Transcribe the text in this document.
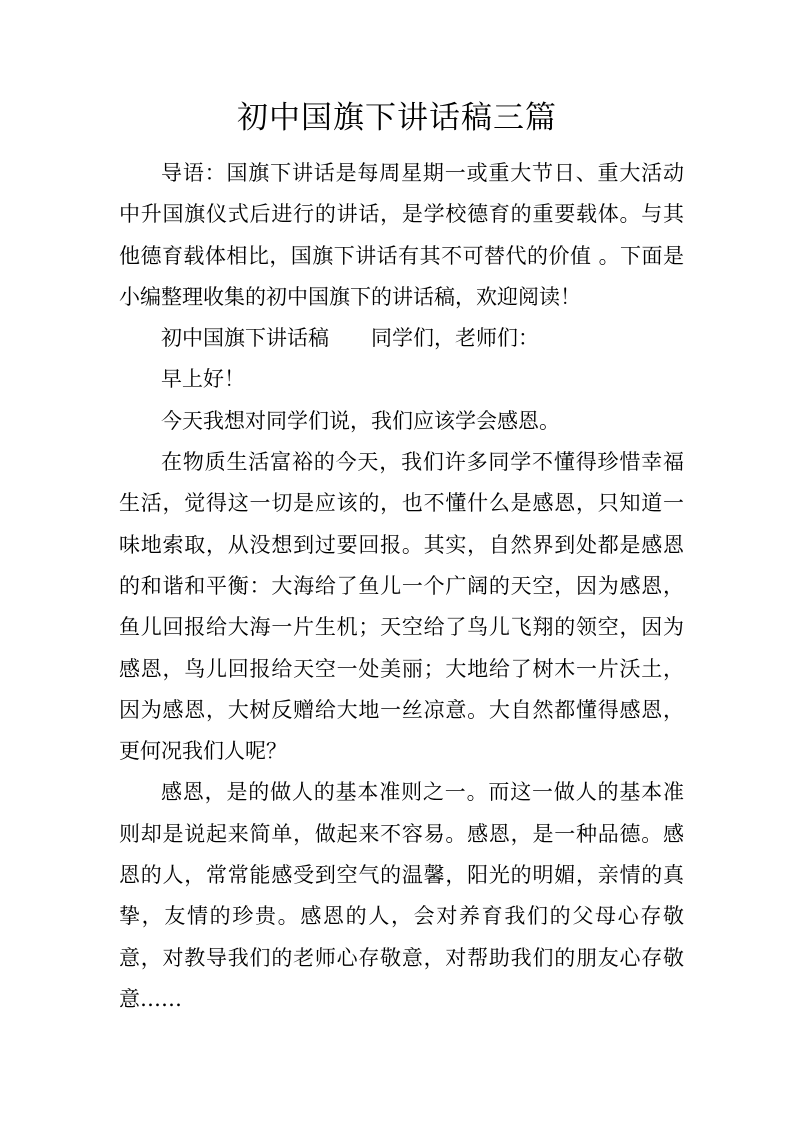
初中国旗下讲话稿三篇

导语：国旗下讲话是每周星期一或重大节日、重大活动中升国旗仪式后进行的讲话，是学校德育的重要载体。与其他德育载体相比，国旗下讲话有其不可替代的价值 。下面是小编整理收集的初中国旗下的讲话稿，欢迎阅读！

初中国旗下讲话稿　　同学们，老师们：

早上好！

今天我想对同学们说，我们应该学会感恩。

在物质生活富裕的今天，我们许多同学不懂得珍惜幸福生活，觉得这一切是应该的，也不懂什么是感恩，只知道一味地索取，从没想到过要回报。其实，自然界到处都是感恩的和谐和平衡：大海给了鱼儿一个广阔的天空，因为感恩，鱼儿回报给大海一片生机；天空给了鸟儿飞翔的领空，因为感恩，鸟儿回报给天空一处美丽；大地给了树木一片沃土，因为感恩，大树反赠给大地一丝凉意。大自然都懂得感恩，更何况我们人呢？

感恩，是的做人的基本准则之一。而这一做人的基本准则却是说起来简单，做起来不容易。感恩，是一种品德。感恩的人，常常能感受到空气的温馨，阳光的明媚，亲情的真挚，友情的珍贵。感恩的人，会对养育我们的父母心存敬意，对教导我们的老师心存敬意，对帮助我们的朋友心存敬意……
